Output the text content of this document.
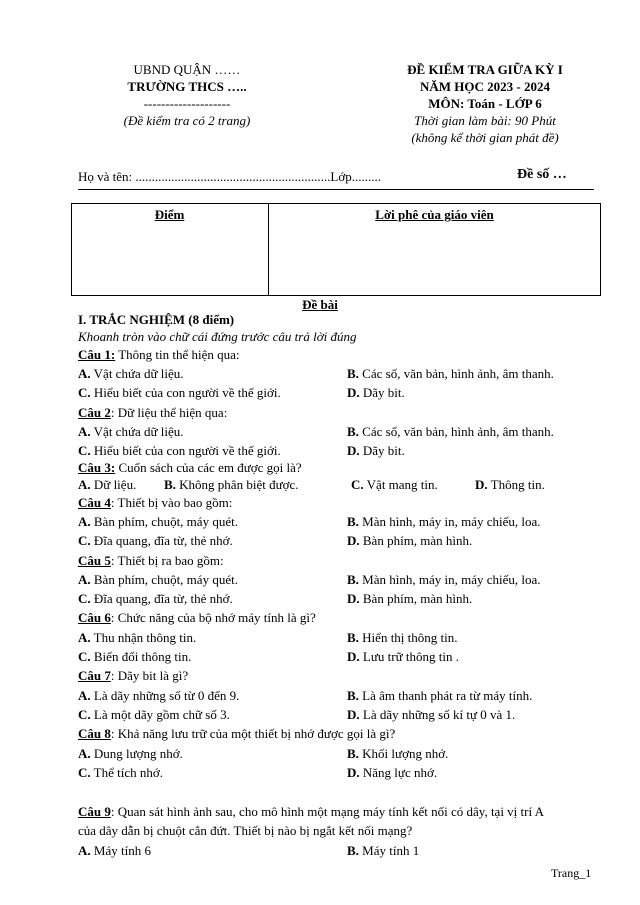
UBND QUẬN ……
TRƯỜNG THCS …..
--------------------
(Đề kiểm tra có 2 trang)
ĐỀ KIỂM TRA GIỮA KỲ I
NĂM HỌC 2023 - 2024
MÔN: Toán - LỚP 6
Thời gian làm bài: 90 Phút
(không kể thời gian phát đề)
Họ và tên: ............................................................Lớp.........	Đề số …
Điểm	Lời phê của giáo viên
Đề bài
I. TRẮC NGHIỆM (8 điểm)
Khoanh tròn vào chữ cái đứng trước câu trả lời đúng
Câu 1: Thông tin thể hiện qua:
A. Vật chứa dữ liệu.	B. Các số, văn bản, hình ảnh, âm thanh.
C. Hiểu biết của con người về thế giới.	D. Dãy bit.
Câu 2: Dữ liệu thể hiện qua:
A. Vật chứa dữ liệu.	B. Các số, văn bản, hình ảnh, âm thanh.
C. Hiểu biết của con người về thế giới.	D. Dãy bit.
Câu 3: Cuốn sách của các em được gọi là?
A. Dữ liệu. B. Không phân biệt được.	C. Vật mang tin.	D. Thông tin.
Câu 4: Thiết bị vào bao gồm:
A. Bàn phím, chuột, máy quét.	B. Màn hình, máy in, máy chiếu, loa.
C. Đĩa quang, đĩa từ, thẻ nhớ.	D. Bàn phím, màn hình.
Câu 5: Thiết bị ra bao gồm:
A. Bàn phím, chuột, máy quét.	B. Màn hình, máy in, máy chiếu, loa.
C. Đĩa quang, đĩa từ, thẻ nhớ.	D. Bàn phím, màn hình.
Câu 6: Chức năng của bộ nhớ máy tính là gì?
A. Thu nhận thông tin.	B. Hiển thị thông tin.
C. Biến đổi thông tin.	D. Lưu trữ thông tin .
Câu 7: Dãy bit là gì?
A. Là dãy những số từ 0 đến 9.	B. Là âm thanh phát ra từ máy tính.
C. Là một dãy gồm chữ số 3.	D. Là dãy những số kí tự 0 và 1.
Câu 8: Khả năng lưu trữ của một thiết bị nhớ được gọi là gì?
A. Dung lượng nhớ.	B. Khối lượng nhớ.
C. Thể tích nhớ.	D. Năng lực nhớ.
Câu 9: Quan sát hình ảnh sau, cho mô hình một mạng máy tính kết nối có dây, tại vị trí A
của dây dẫn bị chuột cắn đứt. Thiết bị nào bị ngắt kết nối mạng?
A. Máy tính 6	B. Máy tính 1
Trang_1
